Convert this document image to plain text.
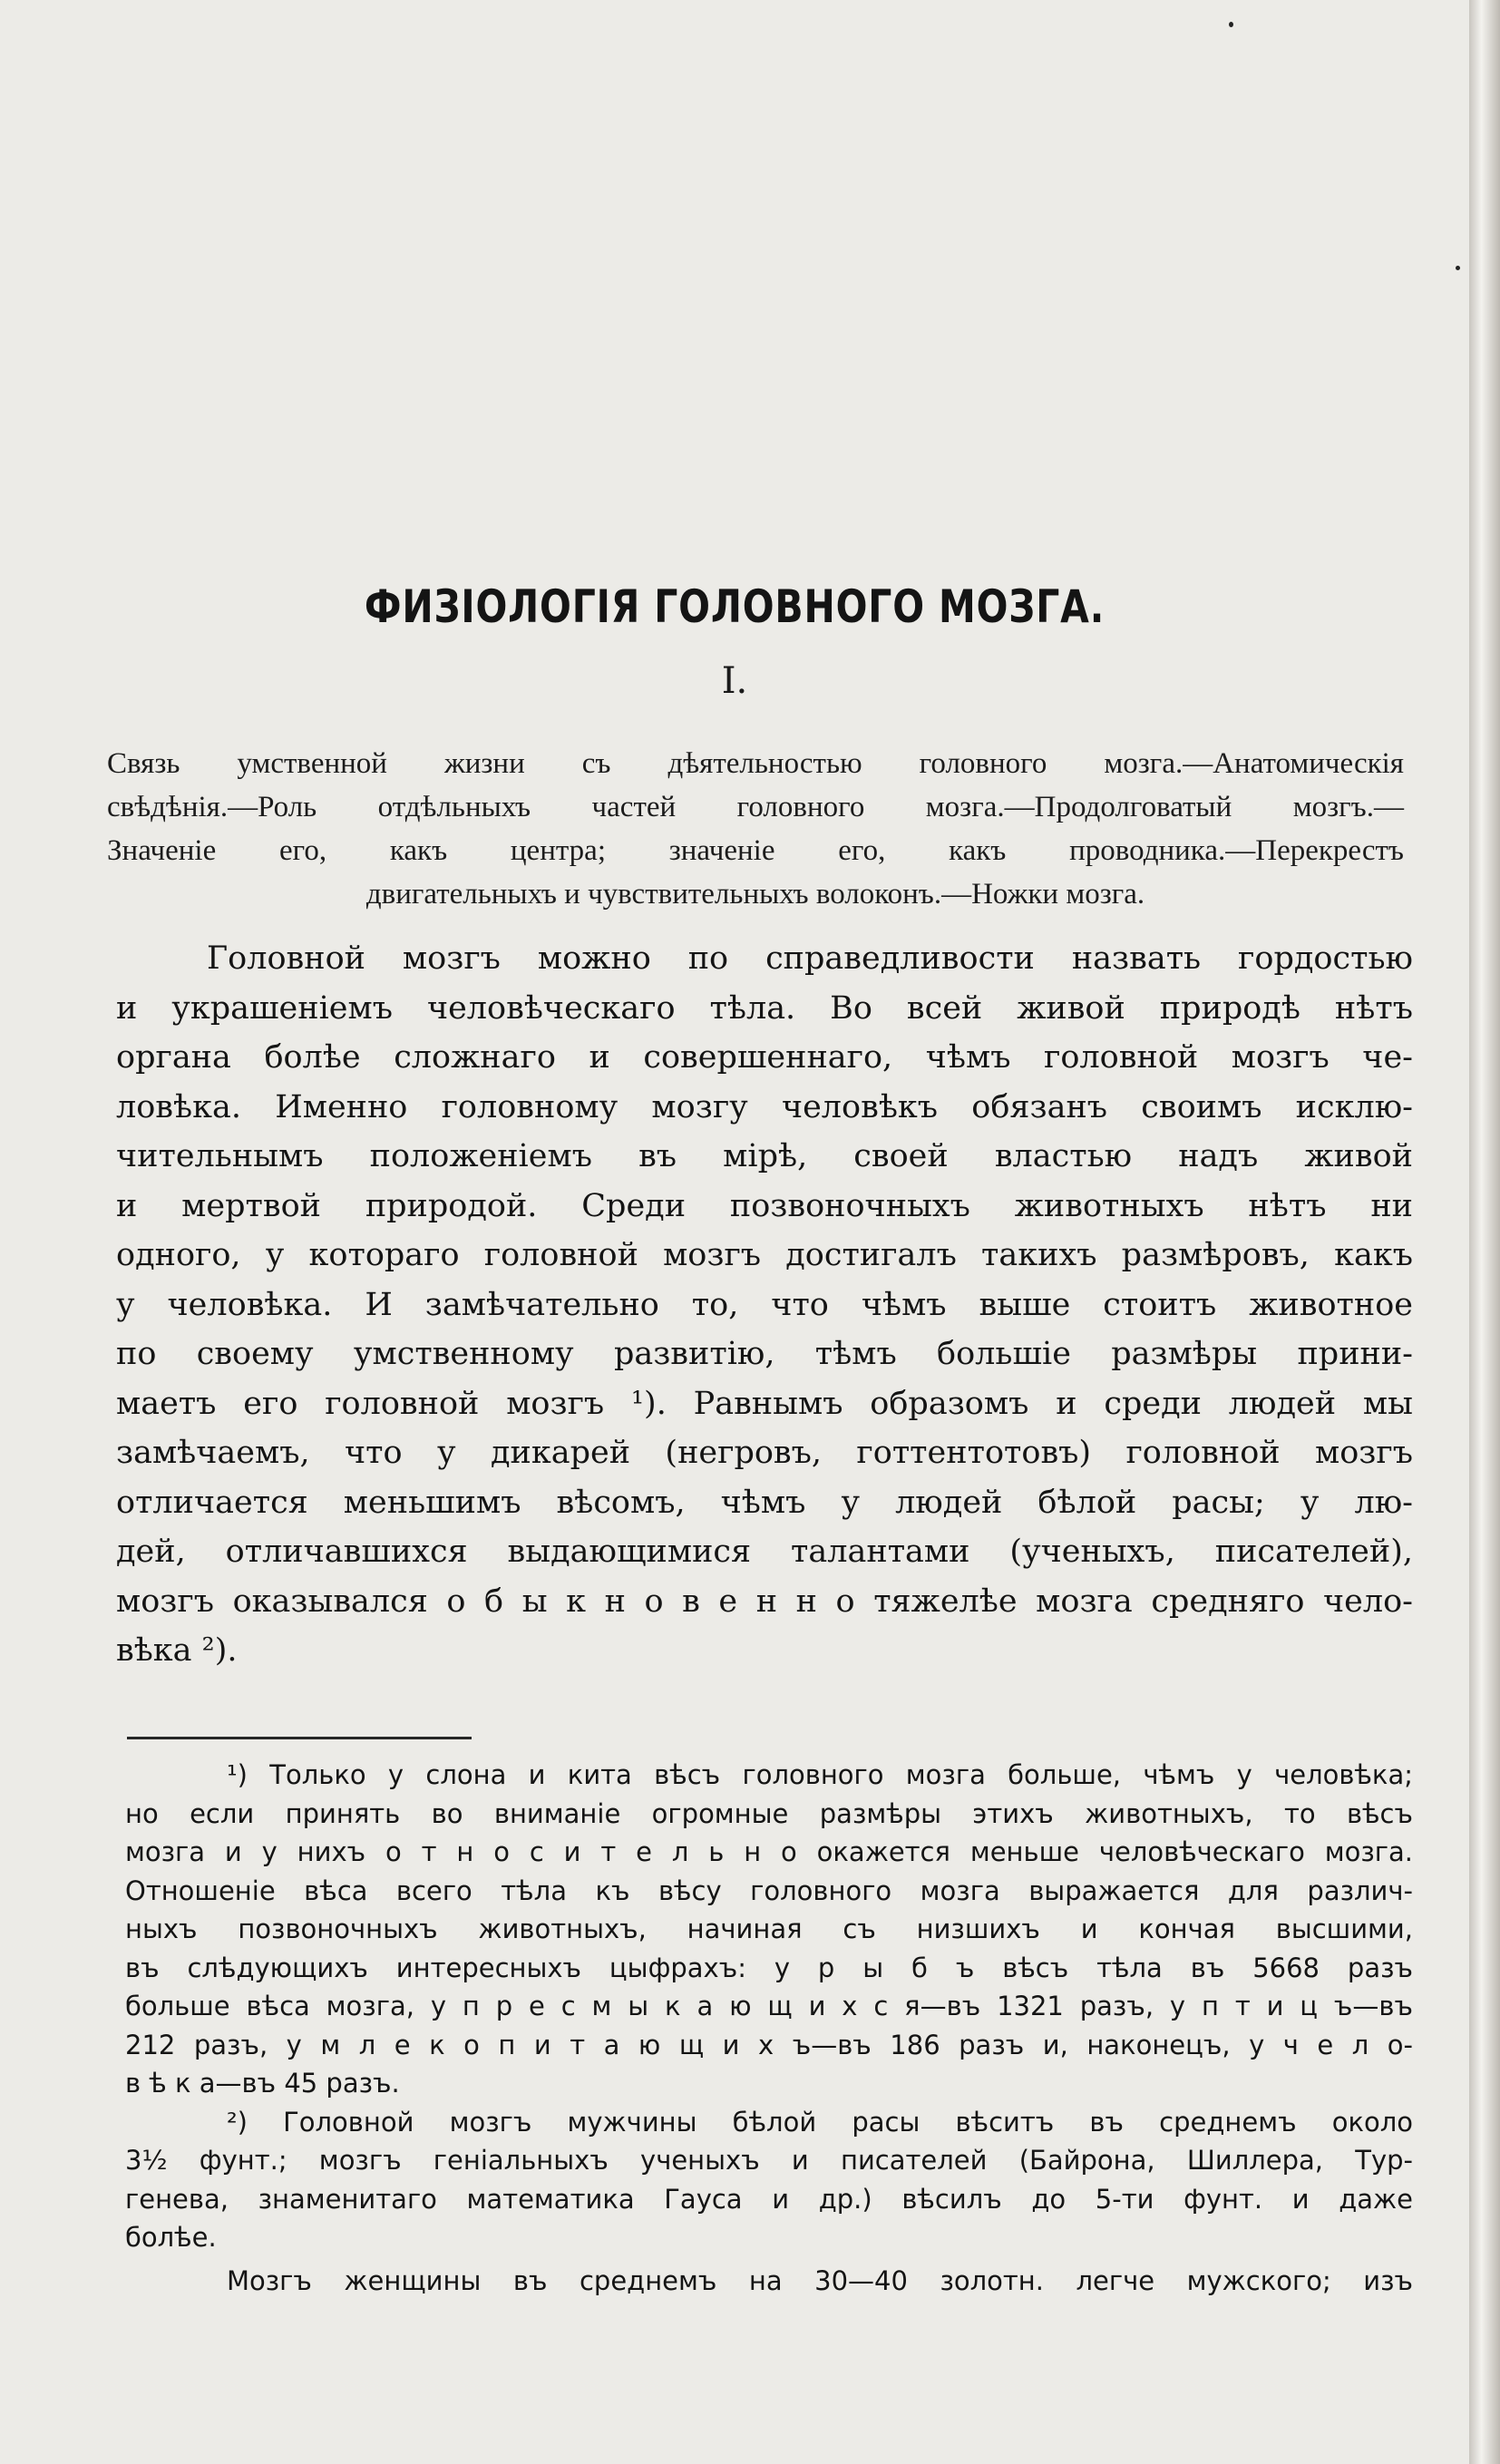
ФИЗІОЛОГІЯ ГОЛОВНОГО МОЗГА.
I.
Связь умственной жизни съ дѣятельностью головного мозга.—Анатомическія
свѣдѣнія.—Роль отдѣльныхъ частей головного мозга.—Продолговатый мозгъ.—
Значеніе его, какъ центра; значеніе его, какъ проводника.—Перекрестъ
двигательныхъ и чувствительныхъ волоконъ.—Ножки мозга.
Головной мозгъ можно по справедливости назвать гордостью
и украшеніемъ человѣческаго тѣла. Во всей живой природѣ нѣтъ
органа болѣе сложнаго и совершеннаго, чѣмъ головной мозгъ че-
ловѣка. Именно головному мозгу человѣкъ обязанъ своимъ исклю-
чительнымъ положеніемъ въ мірѣ, своей властью надъ живой
и мертвой природой. Среди позвоночныхъ животныхъ нѣтъ ни
одного, у котораго головной мозгъ достигалъ такихъ размѣровъ, какъ
у человѣка. И замѣчательно то, что чѣмъ выше стоитъ животное
по своему умственному развитію, тѣмъ большіе размѣры прини-
маетъ его головной мозгъ ¹). Равнымъ образомъ и среди людей мы
замѣчаемъ, что у дикарей (негровъ, готтентотовъ) головной мозгъ
отличается меньшимъ вѣсомъ, чѣмъ у людей бѣлой расы; у лю-
дей, отличавшихся выдающимися талантами (ученыхъ, писателей),
мозгъ оказывался о б ы к н о в е н н о тяжелѣе мозга средняго чело-
вѣка ²).
¹) Только у слона и кита вѣсъ головного мозга больше, чѣмъ у человѣка;
но если принять во вниманіе огромные размѣры этихъ животныхъ, то вѣсъ
мозга и у нихъ о т н о с и т е л ь н о окажется меньше человѣческаго мозга.
Отношеніе вѣса всего тѣла къ вѣсу головного мозга выражается для различ-
ныхъ позвоночныхъ животныхъ, начиная съ низшихъ и кончая высшими,
въ слѣдующихъ интересныхъ цыфрахъ: у р ы б ъ вѣсъ тѣла въ 5668 разъ
больше вѣса мозга, у п р е с м ы к а ю щ и х с я—въ 1321 разъ, у п т и ц ъ—въ
212 разъ, у м л е к о п и т а ю щ и х ъ—въ 186 разъ и, наконецъ, у ч е л о-
в ѣ к а—въ 45 разъ.
²) Головной мозгъ мужчины бѣлой расы вѣситъ въ среднемъ около
3½ фунт.; мозгъ геніальныхъ ученыхъ и писателей (Байрона, Шиллера, Тур-
генева, знаменитаго математика Гауса и др.) вѣсилъ до 5-ти фунт. и даже
болѣе.
Мозгъ женщины въ среднемъ на 30—40 золотн. легче мужского; изъ
